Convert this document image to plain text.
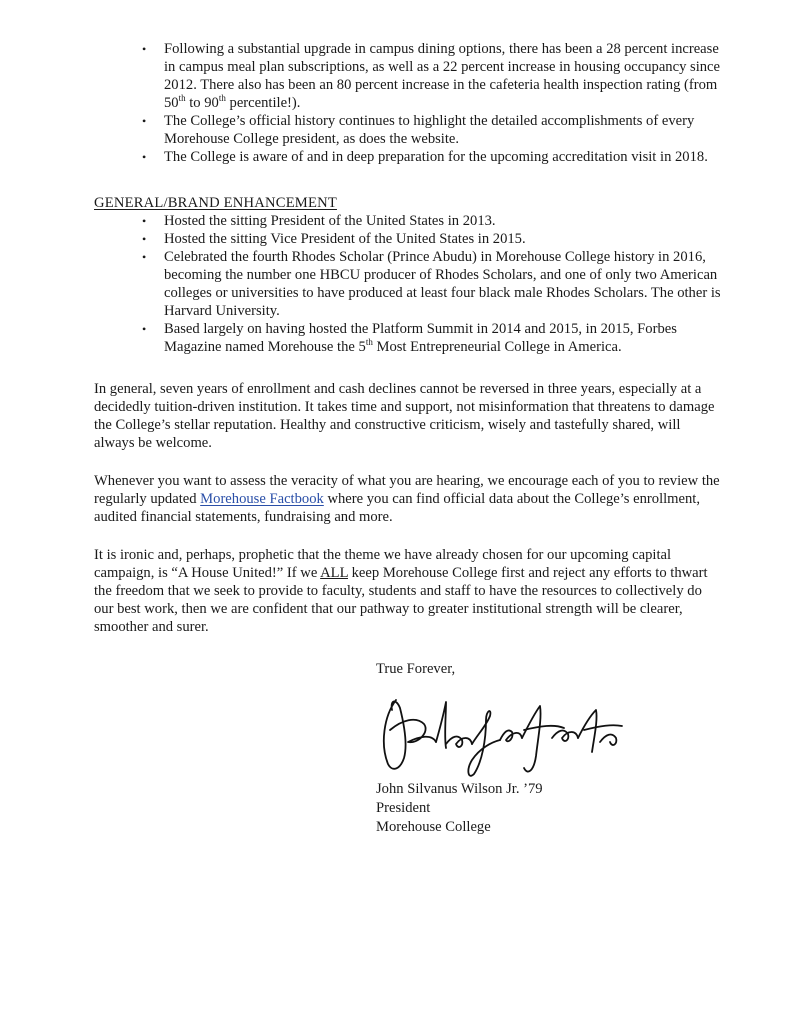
• Following a substantial upgrade in campus dining options, there has been a 28 percent increase in campus meal plan subscriptions, as well as a 22 percent increase in housing occupancy since 2012. There also has been an 80 percent increase in the cafeteria health inspection rating (from 50th to 90th percentile!).
• The College’s official history continues to highlight the detailed accomplishments of every Morehouse College president, as does the website.
• The College is aware of and in deep preparation for the upcoming accreditation visit in 2018.
GENERAL/BRAND ENHANCEMENT
• Hosted the sitting President of the United States in 2013.
• Hosted the sitting Vice President of the United States in 2015.
• Celebrated the fourth Rhodes Scholar (Prince Abudu) in Morehouse College history in 2016, becoming the number one HBCU producer of Rhodes Scholars, and one of only two American colleges or universities to have produced at least four black male Rhodes Scholars. The other is Harvard University.
• Based largely on having hosted the Platform Summit in 2014 and 2015, in 2015, Forbes Magazine named Morehouse the 5th Most Entrepreneurial College in America.

In general, seven years of enrollment and cash declines cannot be reversed in three years, especially at a decidedly tuition-driven institution. It takes time and support, not misinformation that threatens to damage the College’s stellar reputation. Healthy and constructive criticism, wisely and tastefully shared, will always be welcome.

Whenever you want to assess the veracity of what you are hearing, we encourage each of you to review the regularly updated Morehouse Factbook where you can find official data about the College’s enrollment, audited financial statements, fundraising and more.

It is ironic and, perhaps, prophetic that the theme we have already chosen for our upcoming capital campaign, is “A House United!” If we ALL keep Morehouse College first and reject any efforts to thwart the freedom that we seek to provide to faculty, students and staff to have the resources to collectively do our best work, then we are confident that our pathway to greater institutional strength will be clearer, smoother and surer.

True Forever,
John Silvanus Wilson Jr. ’79
President
Morehouse College
